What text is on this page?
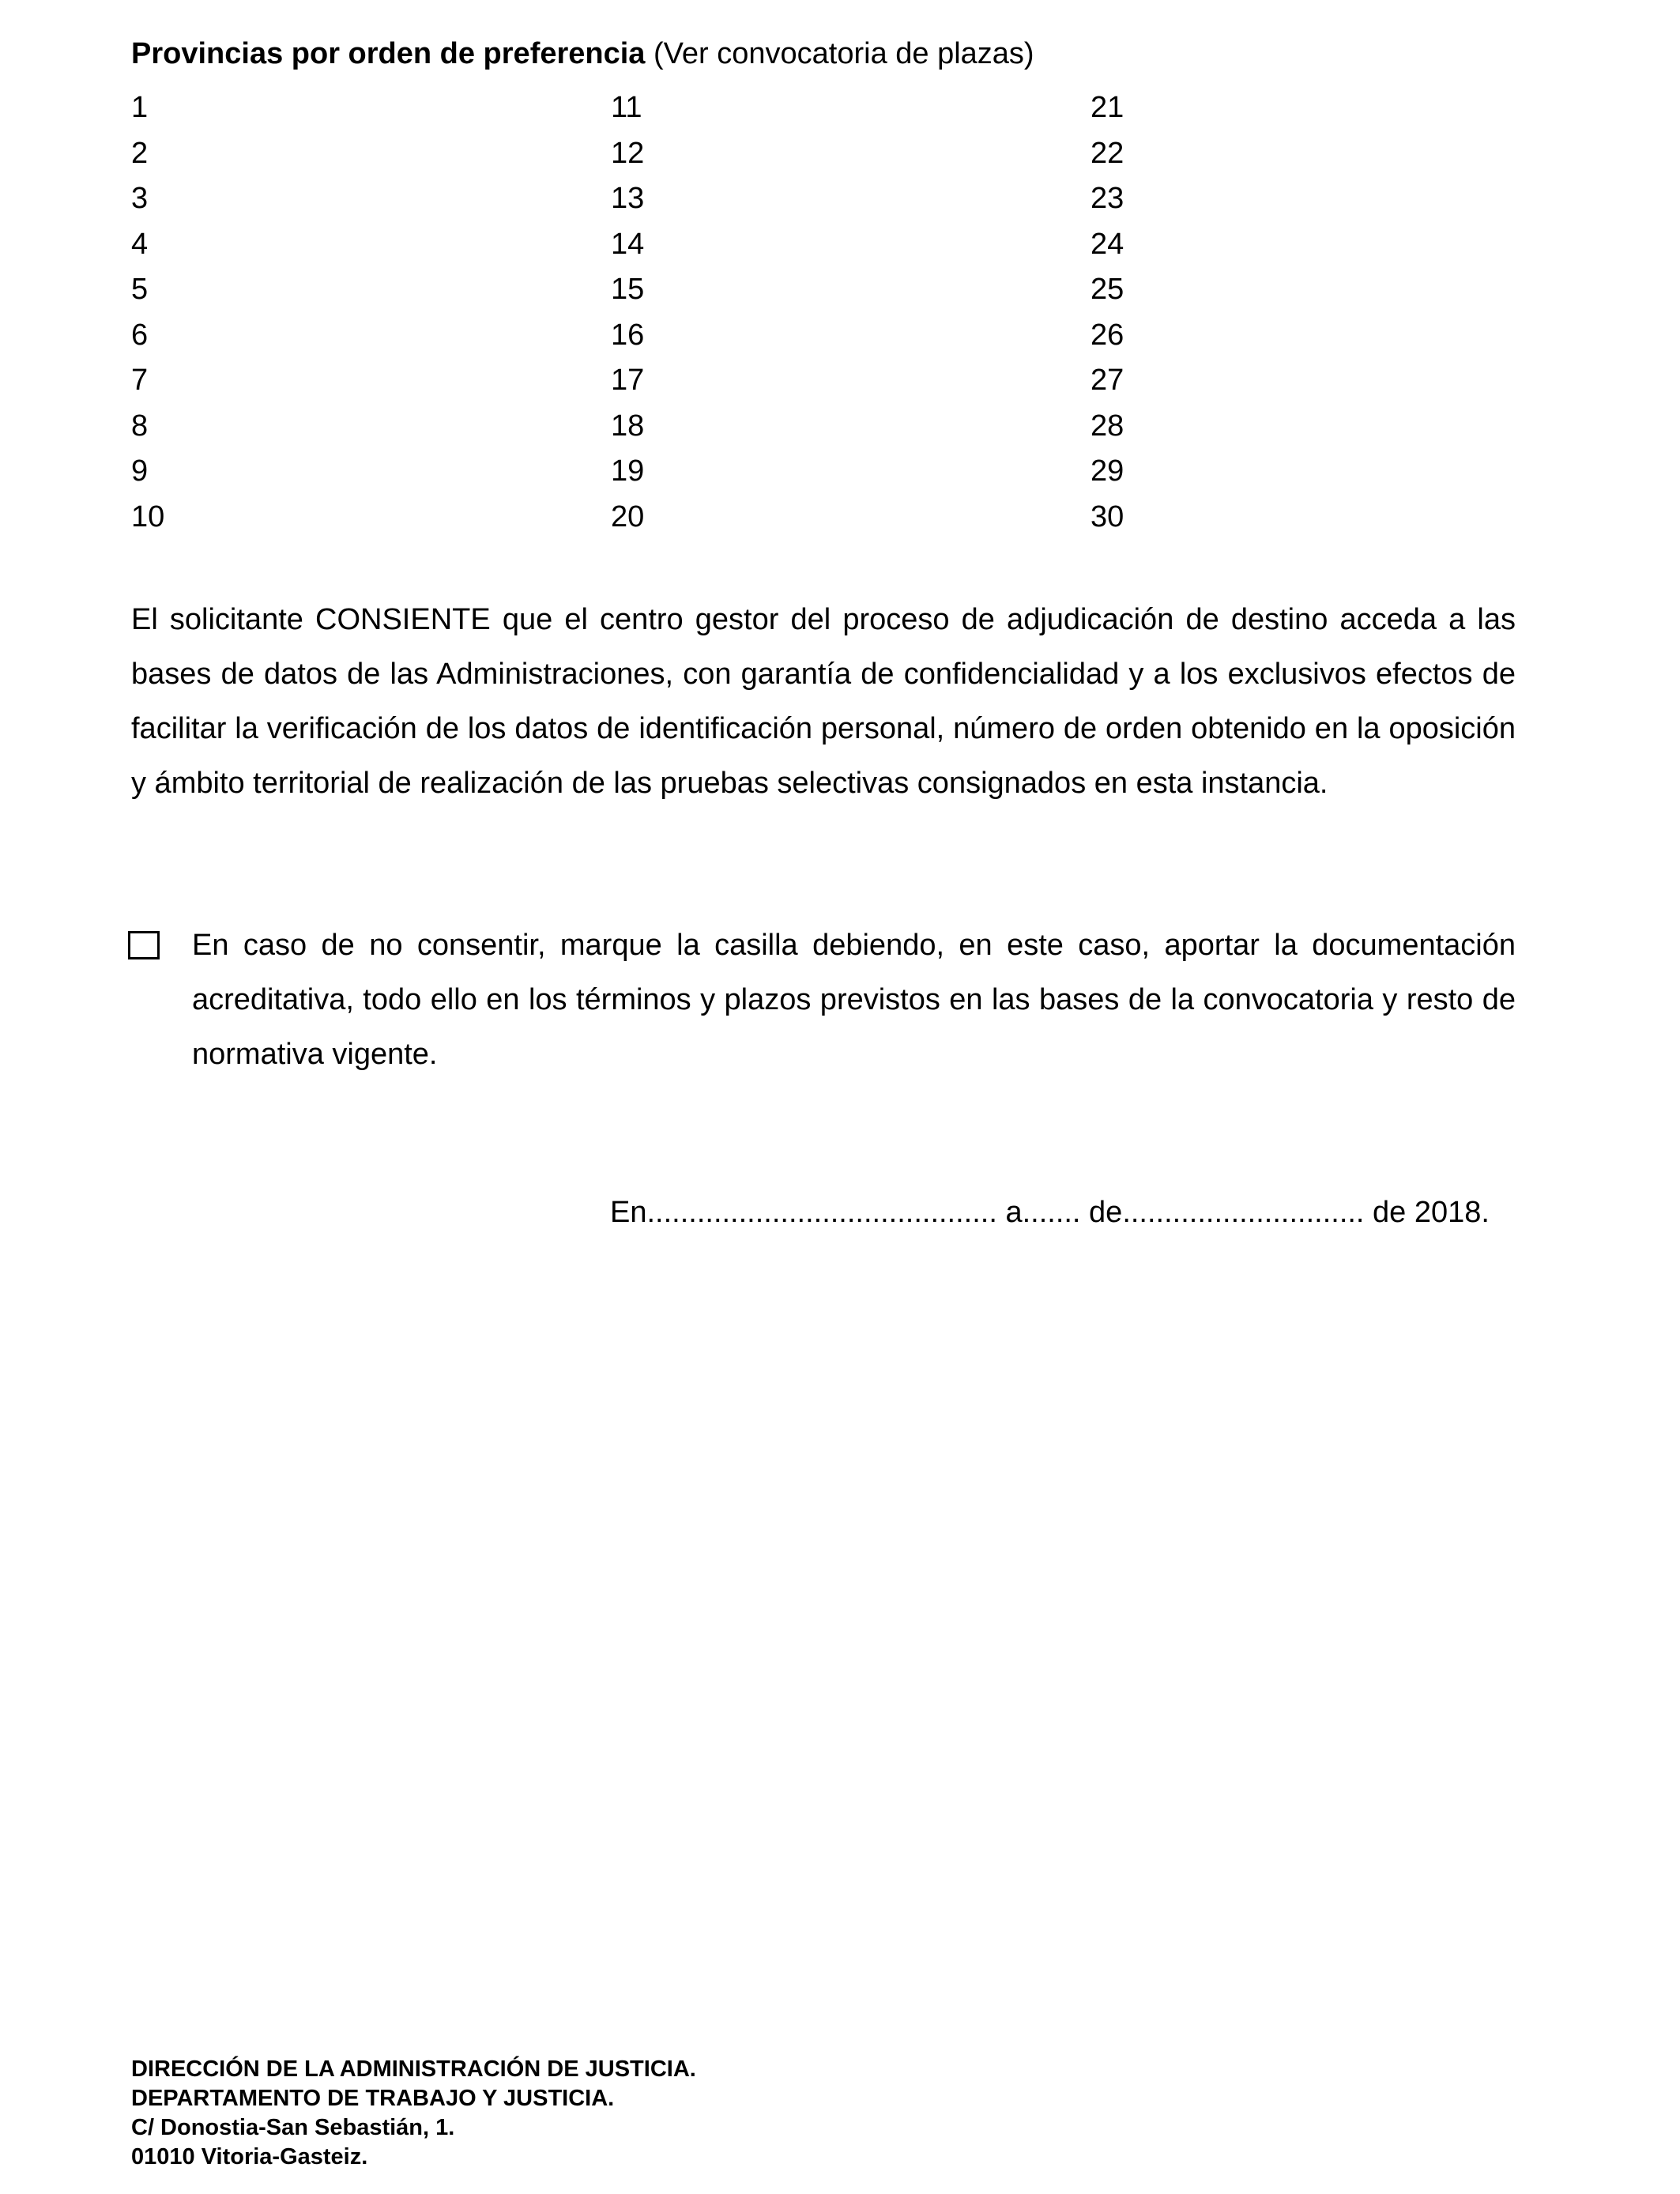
Provincias por orden de preferencia (Ver convocatoria de plazas)
1
2
3
4
5
6
7
8
9
10
11
12
13
14
15
16
17
18
19
20
21
22
23
24
25
26
27
28
29
30

El solicitante CONSIENTE que el centro gestor del proceso de adjudicación de destino acceda a las bases de datos de las Administraciones, con garantía de confidencialidad y a los exclusivos efectos de facilitar la verificación de los datos de identificación personal, número de orden obtenido en la oposición y ámbito territorial de realización de las pruebas selectivas consignados en esta instancia.

En caso de no consentir, marque la casilla debiendo, en este caso, aportar la documentación acreditativa, todo ello en los términos y plazos previstos en las bases de la convocatoria y resto de normativa vigente.

En.......................................... a....... de............................. de 2018.
DIRECCIÓN DE LA ADMINISTRACIÓN DE JUSTICIA.
DEPARTAMENTO DE TRABAJO Y JUSTICIA.
C/ Donostia-San Sebastián, 1.
01010 Vitoria-Gasteiz.
